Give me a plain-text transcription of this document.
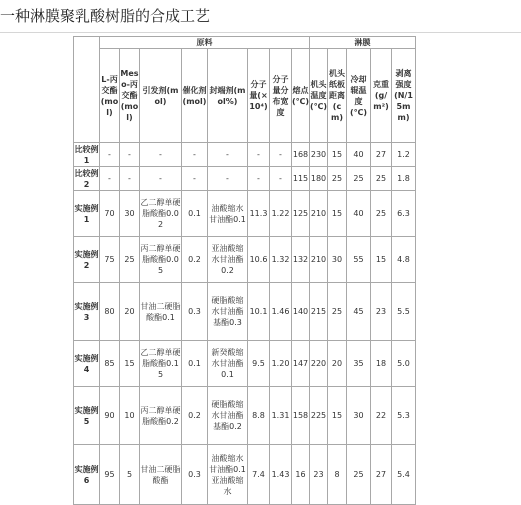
一种淋膜聚乳酸树脂的合成工艺
	原料								淋膜				
	L-丙交酯(mol)	Meso-丙交酯(mol)	引发剂(mol)	催化剂(mol)	封端剂(mol%)	分子量(×10⁴)	分子量分布宽度	熔点(℃)	机头温度(℃)	机头纸板距离(cm)	冷却辊温度(℃)	克重(g/m²)	剥离强度(N/15mm)
比较例1	-	-	-	-	-	-	-	168	230	15	40	27	1.2
比较例2	-	-	-	-	-	-	-	115	180	25	25	25	1.8
实施例1	70	30	乙二醇单硬脂酸酯0.02	0.1	油酸缩水甘油酯0.1	11.3	1.22	125	210	15	40	25	6.3
实施例2	75	25	丙二醇单硬脂酸酯0.05	0.2	亚油酸缩水甘油酯0.2	10.6	1.32	132	210	30	55	15	4.8
实施例3	80	20	甘油二硬脂酸酯0.1	0.3	硬脂酸缩水甘油酯基酯0.3	10.1	1.46	140	215	25	45	23	5.5
实施例4	85	15	乙二醇单硬脂酸酯0.15	0.1	新癸酸缩水甘油酯0.1	9.5	1.20	147	220	20	35	18	5.0
实施例5	90	10	丙二醇单硬脂酸酯0.2	0.2	硬脂酸缩水甘油酯基酯0.2	8.8	1.31	158	225	15	30	22	5.3
实施例6	95	5	甘油二硬脂酸酯	0.3	油酸缩水甘油酯0.1亚油酸缩水	7.4	1.43	16	23	8	25	27	5.4
